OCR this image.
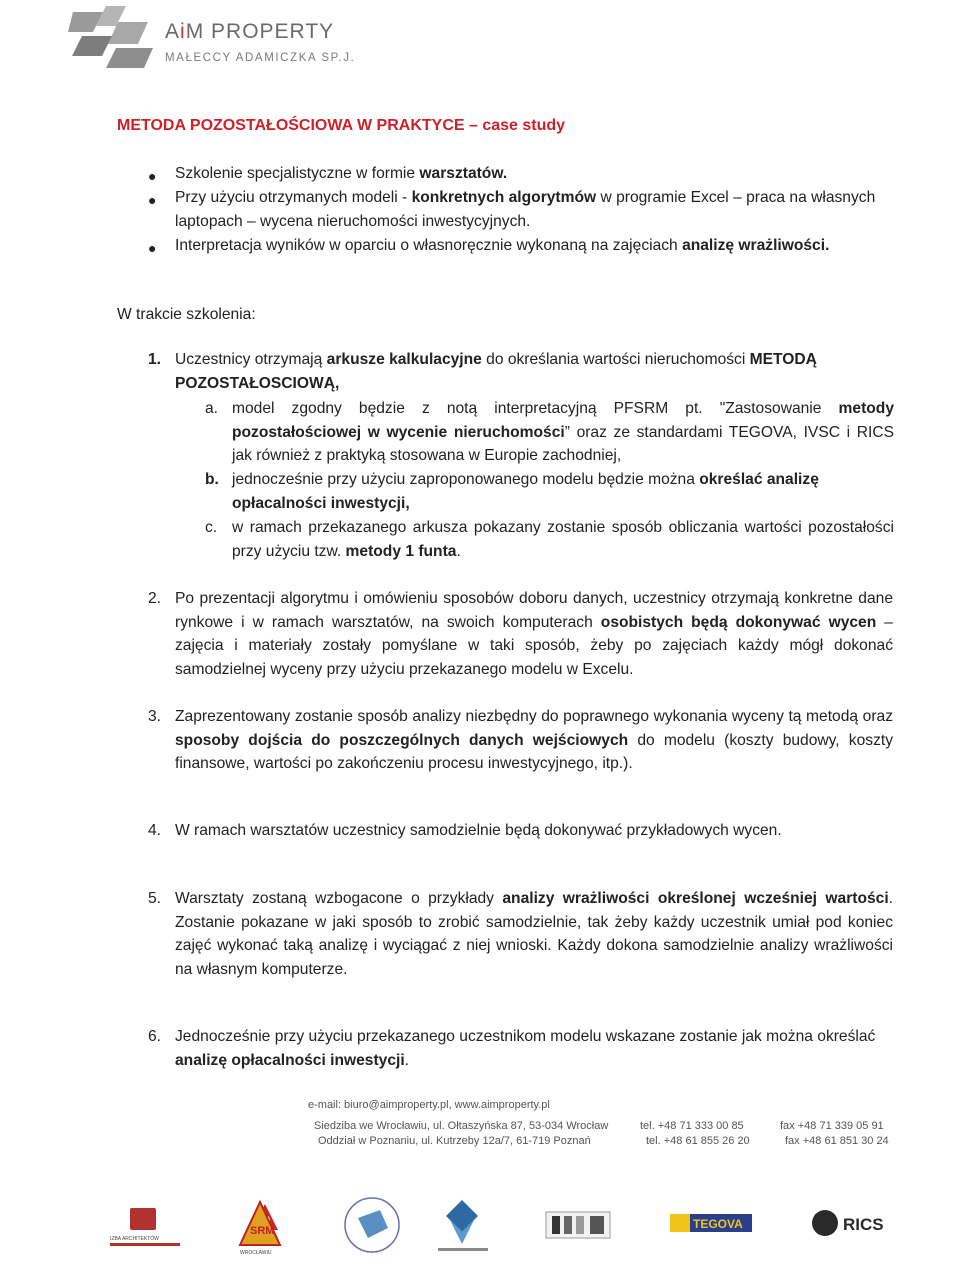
AiM PROPERTY
MAŁECCY ADAMICZKA SP.J.
METODA POZOSTAŁOŚCIOWA W PRAKTYCE – case study
● Szkolenie specjalistyczne w formie warsztatów.
● Przy użyciu otrzymanych modeli - konkretnych algorytmów w programie Excel – praca na własnych laptopach – wycena nieruchomości inwestycyjnych.
● Interpretacja wyników w oparciu o własnoręcznie wykonaną na zajęciach analizę wrażliwości.
W trakcie szkolenia:
1. Uczestnicy otrzymają arkusze kalkulacyjne do określania wartości nieruchomości METODĄ POZOSTAŁOSCIOWĄ,
a. model zgodny będzie z notą interpretacyjną PFSRM pt. "Zastosowanie metody pozostałościowej w wycenie nieruchomości” oraz ze standardami TEGOVA, IVSC i RICS jak również z praktyką stosowana w Europie zachodniej,
b. jednocześnie przy użyciu zaproponowanego modelu będzie można określać analizę opłacalności inwestycji,
c. w ramach przekazanego arkusza pokazany zostanie sposób obliczania wartości pozostałości przy użyciu tzw. metody 1 funta.
2. Po prezentacji algorytmu i omówieniu sposobów doboru danych, uczestnicy otrzymają konkretne dane rynkowe i w ramach warsztatów, na swoich komputerach osobistych będą dokonywać wycen – zajęcia i materiały zostały pomyślane w taki sposób, żeby po zajęciach każdy mógł dokonać samodzielnej wyceny przy użyciu przekazanego modelu w Excelu.
3. Zaprezentowany zostanie sposób analizy niezbędny do poprawnego wykonania wyceny tą metodą oraz sposoby dojścia do poszczególnych danych wejściowych do modelu (koszty budowy, koszty finansowe, wartości po zakończeniu procesu inwestycyjnego, itp.).
4. W ramach warsztatów uczestnicy samodzielnie będą dokonywać przykładowych wycen.
5. Warsztaty zostaną wzbogacone o przykłady analizy wrażliwości określonej wcześniej wartości. Zostanie pokazane w jaki sposób to zrobić samodzielnie, tak żeby każdy uczestnik umiał pod koniec zajęć wykonać taką analizę i wyciągać z niej wnioski. Każdy dokona samodzielnie analizy wrażliwości na własnym komputerze.
6. Jednocześnie przy użyciu przekazanego uczestnikom modelu wskazane zostanie jak można określać analizę opłacalności inwestycji.
e-mail: biuro@aimproperty.pl, www.aimproperty.pl
Siedziba we Wrocławiu, ul. Ołtaszyńska 87, 53-034 Wrocław	tel. +48 71 333 00 85	fax +48 71 339 05 91
Oddział w Poznaniu, ul. Kutrzeby 12a/7, 61-719 Poznań	tel. +48 61 855 26 20	fax +48 61 851 30 24
IZBA ARCHITEKTÓW
SRM
WROCŁAWIU
TEGOVA	RICS
